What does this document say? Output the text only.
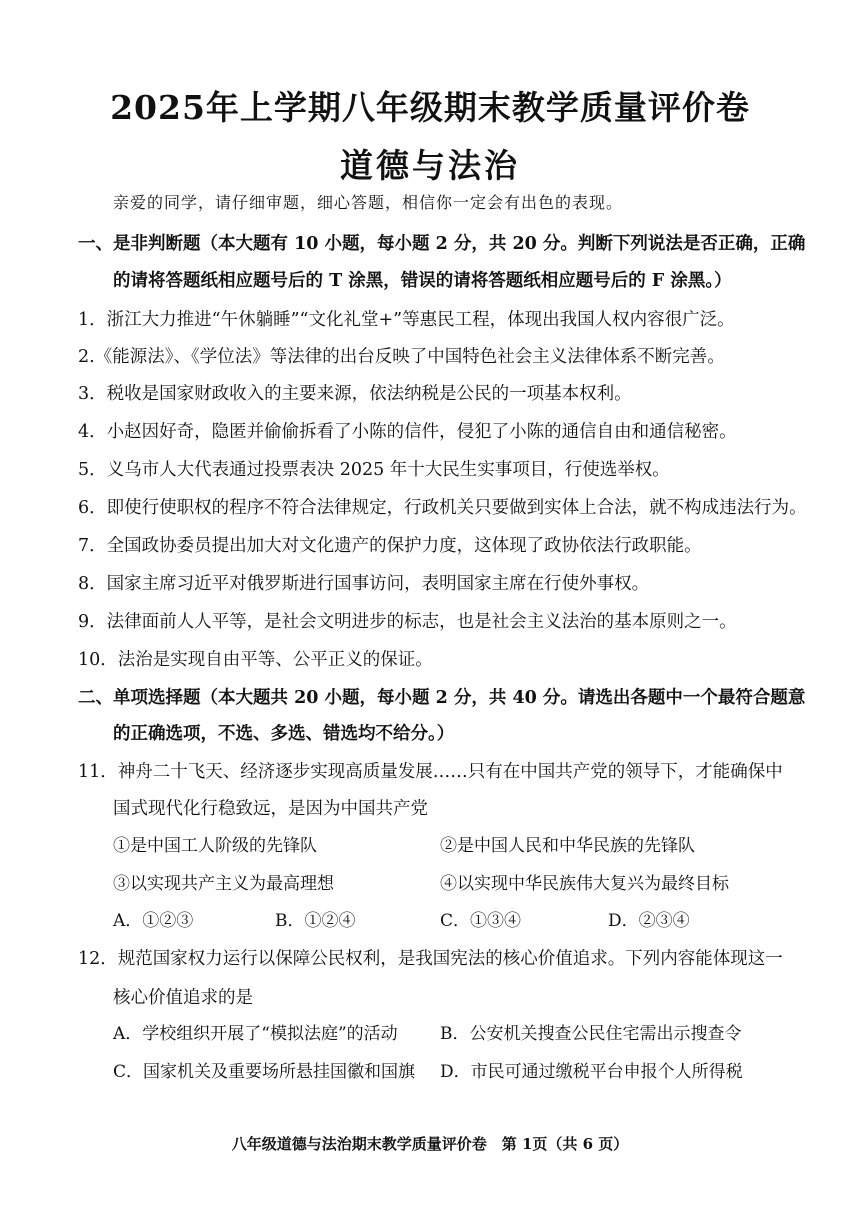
2025年上学期八年级期末教学质量评价卷
道德与法治
亲爱的同学，请仔细审题，细心答题，相信你一定会有出色的表现。
一、是非判断题（本大题有 10 小题，每小题 2 分，共 20 分。判断下列说法是否正确，正确
的请将答题纸相应题号后的 T 涂黑，错误的请将答题纸相应题号后的 F 涂黑。）
1．浙江大力推进“午休躺睡”“文化礼堂+”等惠民工程，体现出我国人权内容很广泛。
2.《能源法》、《学位法》等法律的出台反映了中国特色社会主义法律体系不断完善。
3．税收是国家财政收入的主要来源，依法纳税是公民的一项基本权利。
4．小赵因好奇，隐匿并偷偷拆看了小陈的信件，侵犯了小陈的通信自由和通信秘密。
5．义乌市人大代表通过投票表决 2025 年十大民生实事项目，行使选举权。
6．即使行使职权的程序不符合法律规定，行政机关只要做到实体上合法，就不构成违法行为。
7．全国政协委员提出加大对文化遗产的保护力度，这体现了政协依法行政职能。
8．国家主席习近平对俄罗斯进行国事访问，表明国家主席在行使外事权。
9．法律面前人人平等，是社会文明进步的标志，也是社会主义法治的基本原则之一。
10．法治是实现自由平等、公平正义的保证。
二、单项选择题（本大题共 20 小题，每小题 2 分，共 40 分。请选出各题中一个最符合题意
的正确选项，不选、多选、错选均不给分。）
11．神舟二十飞天、经济逐步实现高质量发展……只有在中国共产党的领导下，才能确保中
国式现代化行稳致远，是因为中国共产党
①是中国工人阶级的先锋队	②是中国人民和中华民族的先锋队
③以实现共产主义为最高理想	④以实现中华民族伟大复兴为最终目标
A．①②③	B．①②④	C．①③④	D．②③④
12．规范国家权力运行以保障公民权利，是我国宪法的核心价值追求。下列内容能体现这一
核心价值追求的是
A．学校组织开展了“模拟法庭”的活动 B．公安机关搜查公民住宅需出示搜查令
C．国家机关及重要场所悬挂国徽和国旗 D．市民可通过缴税平台申报个人所得税
八年级道德与法治期末教学质量评价卷　第 1页（共 6 页）
